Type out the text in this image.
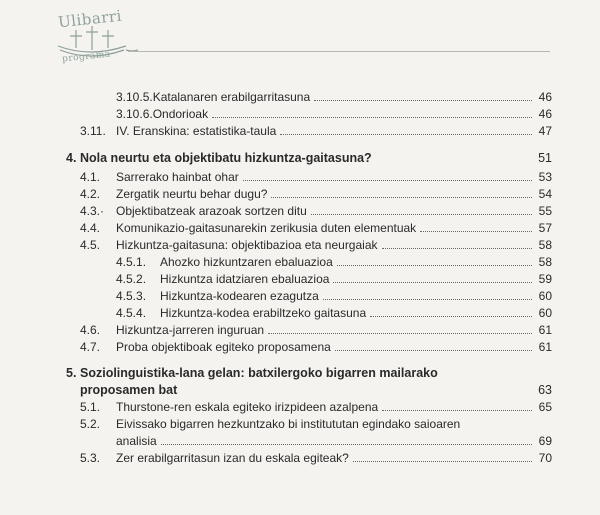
Ulibarri
programa
3.10.5. Katalanaren erabilgarritasuna	46
3.10.6. Ondorioak	46
3.11. IV. Eranskina: estatistika-taula	47
4. Nola neurtu eta objektibatu hizkuntza-gaitasuna?	51
4.1.	Sarrerako hainbat ohar	53
4.2.	Zergatik neurtu behar dugu?	54
4.3.· Objektibatzeak arazoak sortzen ditu	55
4.4.	Komunikazio-gaitasunarekin zerikusia duten elementuak	57
4.5.	Hizkuntza-gaitasuna: objektibazioa eta neurgaiak	58
4.5.1.	Ahozko hizkuntzaren ebaluazioa	58
4.5.2.	Hizkuntza idatziaren ebaluazioa	59
4.5.3.	Hizkuntza-kodearen ezagutza	60
4.5.4.	Hizkuntza-kodea erabiltzeko gaitasuna	60
4.6.	Hizkuntza-jarreren inguruan	61
4.7.	Proba objektiboak egiteko proposamena	61
5. Soziolinguistika-lana gelan: batxilergoko bigarren mailarako
proposamen bat	63
5.1.	Thurstone-ren eskala egiteko irizpideen azalpena	65
5.2. Eivissako bigarren hezkuntzako bi institututan egindako saioaren
analisia	69
5.3.	Zer erabilgarritasun izan du eskala egiteak?	70
